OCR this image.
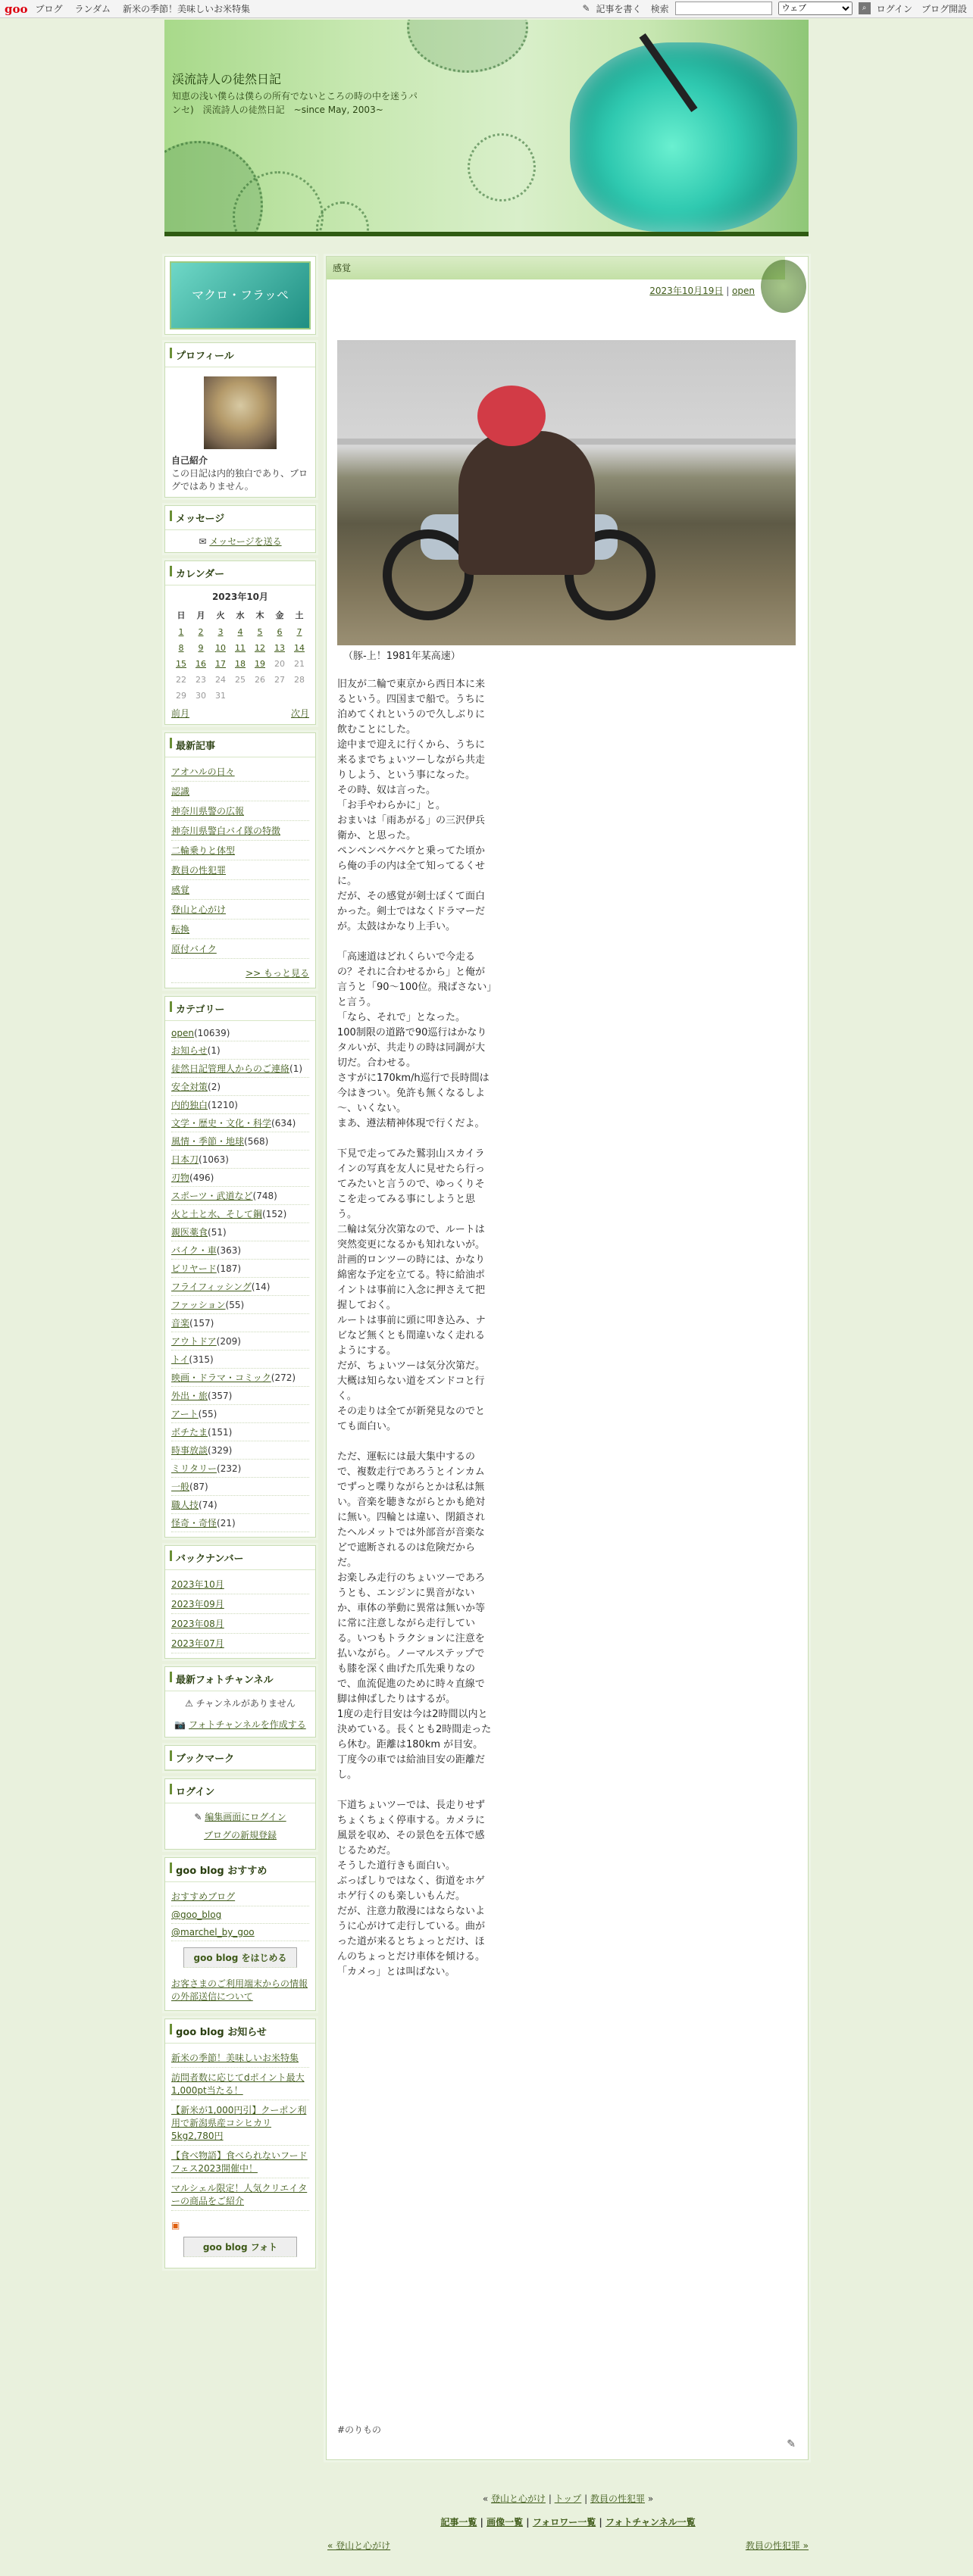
goo ブログ ランダム 新米の季節！美味しいお米特集	✎ 記事を書く 検索
ウェブ	⌕	ログイン ブログ開設
渓流詩人の徒然日記
知恵の浅い僕らは僕らの所有でないところの時の中を迷うパンセ)　渓流詩人の徒然日記　~since May, 2003~
マクロ・フラッペ
プロフィール
自己紹介
この日記は内的独白であり、ブログではありません。
メッセージ
✉ メッセージを送る
カレンダー
2023年10月
日	月	火	水	木	金	土
1	2	3	4	5	6	7
8	9	10	11	12	13	14
15	16	17	18	19	20	21
22	23	24	25	26	27	28
29	30	31				
前月	次月
最新記事
アオハルの日々
認識
神奈川県警の広報
神奈川県警白バイ隊の特徴
二輪乗りと体型
教員の性犯罪
感覚
登山と心がけ
転換
原付バイク
>> もっと見る
カテゴリー
open(10639)
お知らせ(1)
徒然日記管理人からのご連絡(1)
安全対策(2)
内的独白(1210)
文学・歴史・文化・科学(634)
風情・季節・地球(568)
日本刀(1063)
刃物(496)
スポーツ・武道など(748)
火と土と水、そして鋼(152)
親医薬食(51)
バイク・車(363)
ビリヤード(187)
フライフィッシング(14)
ファッション(55)
音楽(157)
アウトドア(209)
トイ(315)
映画・ドラマ・コミック(272)
外出・旅(357)
アート(55)
ボチたま(151)
時事放談(329)
ミリタリー(232)
一般(87)
職人技(74)
怪奇・奇怪(21)
バックナンバー
2023年10月
2023年09月
2023年08月
2023年07月
最新フォトチャンネル
⚠ チャンネルがありません
📷 フォトチャンネルを作成する
ブックマーク
ログイン
✎ 編集画面にログイン
ブログの新規登録
goo blog おすすめ
おすすめブログ
@goo_blog
@marchel_by_goo
goo blog をはじめる
お客さまのご利用端末からの情報の外部送信について
goo blog お知らせ
新米の季節！美味しいお米特集
訪問者数に応じてdポイント最大1,000pt当たる！
【新米が1,000円引】クーポン利用で新潟県産コシヒカリ5kg2,780円
【食べ物語】食べられないフードフェス2023開催中！
マルシェル限定！人気クリエイターの商品をご紹介
▣
goo blog フォト
感覚
2023年10月19日 | open
（豚-上！1981年某高速）
旧友が二輪で東京から西日本に来るという。四国まで船で。うちに泊めてくれというので久しぶりに飲むことにした。
途中まで迎えに行くから、うちに来るまでちょいツーしながら共走りしよう、という事になった。
その時、奴は言った。
「お手やわらかに」と。
おまいは「雨あがる」の三沢伊兵衛か、と思った。
ペンペンペケペケと乗ってた頃から俺の手の内は全て知ってるくせに。
だが、その感覚が剣士ぽくて面白かった。剣士ではなくドラマーだが。太鼓はかなり上手い。

「高速道はどれくらいで今走るの？それに合わせるから」と俺が言うと「90～100位。飛ばさない」と言う。
「なら、それで」となった。
100制限の道路で90巡行はかなりタルいが、共走りの時は同調が大切だ。合わせる。
さすがに170km/h巡行で長時間は今はきつい。免許も無くなるしよ～、いくない。
まあ、遵法精神体現で行くだよ。

下見で走ってみた鷲羽山スカイラインの写真を友人に見せたら行ってみたいと言うので、ゆっくりそこを走ってみる事にしようと思う。
二輪は気分次第なので、ルートは突然変更になるかも知れないが。
計画的ロンツーの時には、かなり綿密な予定を立てる。特に給油ポイントは事前に入念に押さえて把握しておく。
ルートは事前に頭に叩き込み、ナビなど無くとも間違いなく走れるようにする。
だが、ちょいツーは気分次第だ。大概は知らない道をズンドコと行く。
その走りは全てが新発見なのでとても面白い。

ただ、運転には最大集中するので、複数走行であろうとインカムでずっと喋りながらとかは私は無い。音楽を聴きながらとかも絶対に無い。四輪とは違い、閉鎖されたヘルメットでは外部音が音楽などで遮断されるのは危険だからだ。
お楽しみ走行のちょいツーであろうとも、エンジンに異音がないか、車体の挙動に異常は無いか等に常に注意しながら走行している。いつもトラクションに注意を払いながら。ノーマルステップでも膝を深く曲げた爪先乗りなので、血流促進のために時々直線で脚は伸ばしたりはするが。
1度の走行目安は今は2時間以内と決めている。長くとも2時間走ったら休む。距離は180km が目安。丁度今の車では給油目安の距離だし。

下道ちょいツーでは、長走りせずちょくちょく停車する。カメラに風景を収め、その景色を五体で感じるためだ。
そうした道行きも面白い。
ぶっぱしりではなく、街道をホゲホゲ行くのも楽しいもんだ。
だが、注意力散漫にはならないように心がけて走行している。曲がった道が来るとちょっとだけ、ほんのちょっとだけ車体を傾ける。「カメっ」とは叫ばない。
#のりもの
✎
« 登山と心がけ | トップ | 教員の性犯罪 »
記事一覧 | 画像一覧 | フォロワー一覧 | フォトチャンネル一覧
« 登山と心がけ	教員の性犯罪 »
